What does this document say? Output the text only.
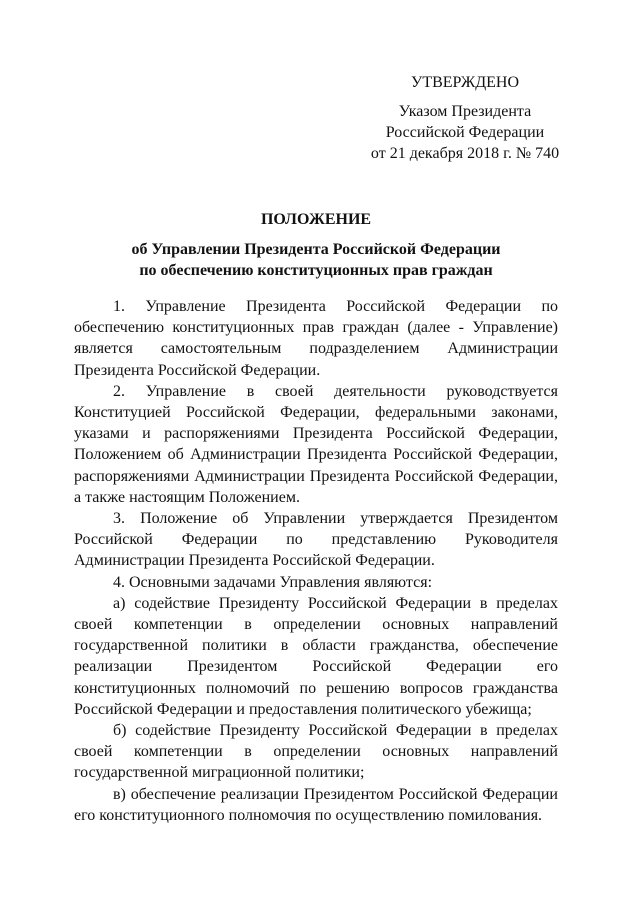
УТВЕРЖДЕНО
Указом Президента
Российской Федерации
от 21 декабря 2018 г. № 740
ПОЛОЖЕНИЕ
об Управлении Президента Российской Федерации
по обеспечению конституционных прав граждан

1. Управление Президента Российской Федерации по обеспечению конституционных прав граждан (далее - Управление) является самостоятельным подразделением Администрации Президента Российской Федерации.

2. Управление в своей деятельности руководствуется Конституцией Российской Федерации, федеральными законами, указами и распоряжениями Президента Российской Федерации, Положением об Администрации Президента Российской Федерации, распоряжениями Администрации Президента Российской Федерации, а также настоящим Положением.

3. Положение об Управлении утверждается Президентом Российской Федерации по представлению Руководителя Администрации Президента Российской Федерации.

4. Основными задачами Управления являются:

а) содействие Президенту Российской Федерации в пределах своей компетенции в определении основных направлений государственной политики в области гражданства, обеспечение реализации Президентом Российской Федерации его конституционных полномочий по решению вопросов гражданства Российской Федерации и предоставления политического убежища;

б) содействие Президенту Российской Федерации в пределах своей компетенции в определении основных направлений государственной миграционной политики;

в) обеспечение реализации Президентом Российской Федерации его конституционного полномочия по осуществлению помилования.
